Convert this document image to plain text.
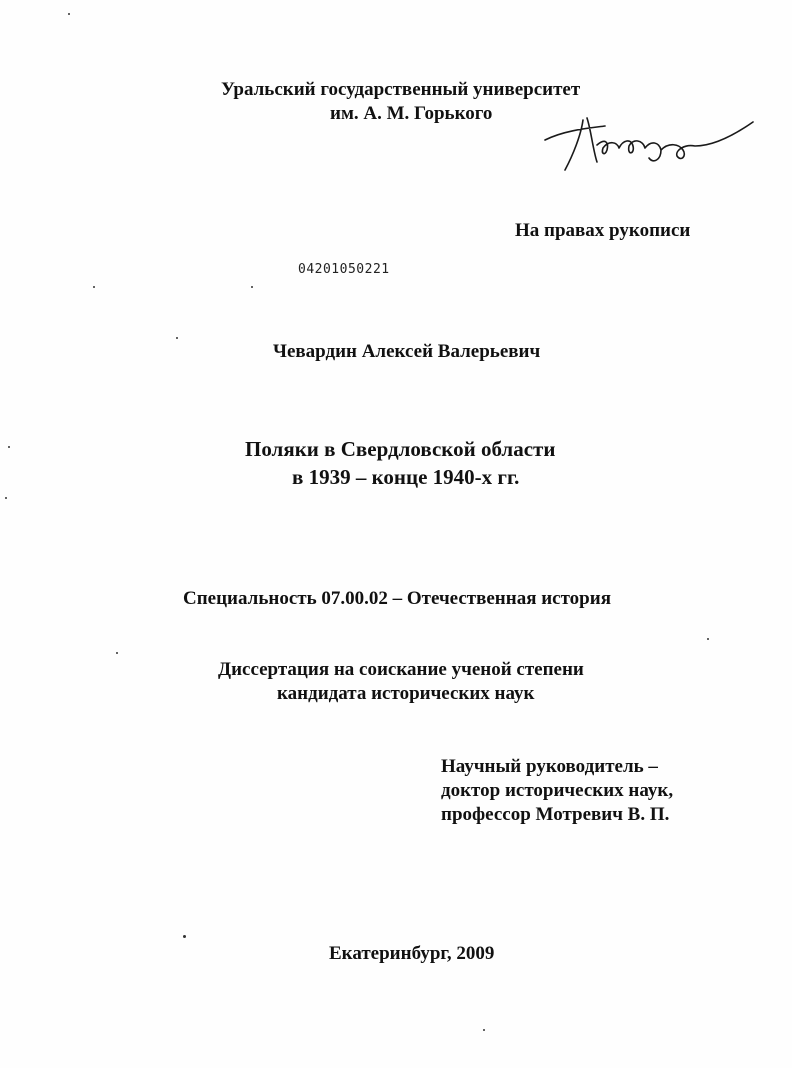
Уральский государственный университет
им. А. М. Горького
На правах рукописи
04201050221
Чевардин Алексей Валерьевич
Поляки в Свердловской области
в 1939 – конце 1940-х гг.
Специальность 07.00.02 – Отечественная история
Диссертация на соискание ученой степени
кандидата исторических наук
Научный руководитель –
доктор исторических наук,
профессор Мотревич В. П.
Екатеринбург, 2009
